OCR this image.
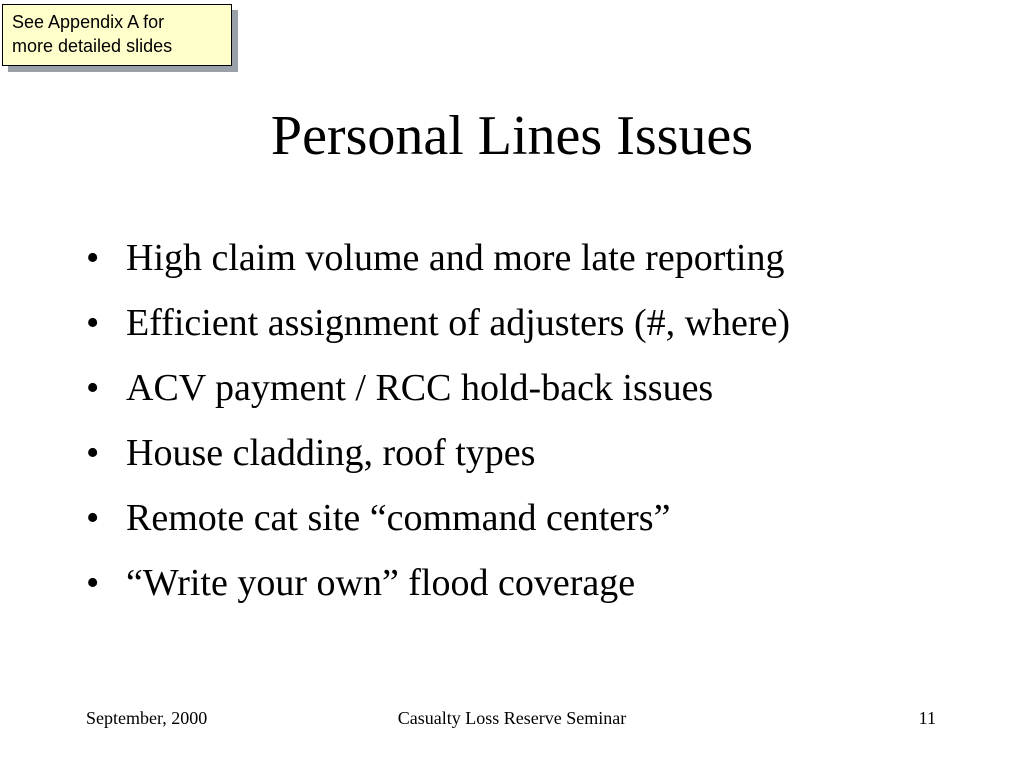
See Appendix A for
more detailed slides
Personal Lines Issues
• High claim volume and more late reporting
• Efficient assignment of adjusters (#, where)
• ACV payment / RCC hold-back issues
• House cladding, roof types
• Remote cat site “command centers”
• “Write your own” flood coverage
September, 2000	Casualty Loss Reserve Seminar	11
